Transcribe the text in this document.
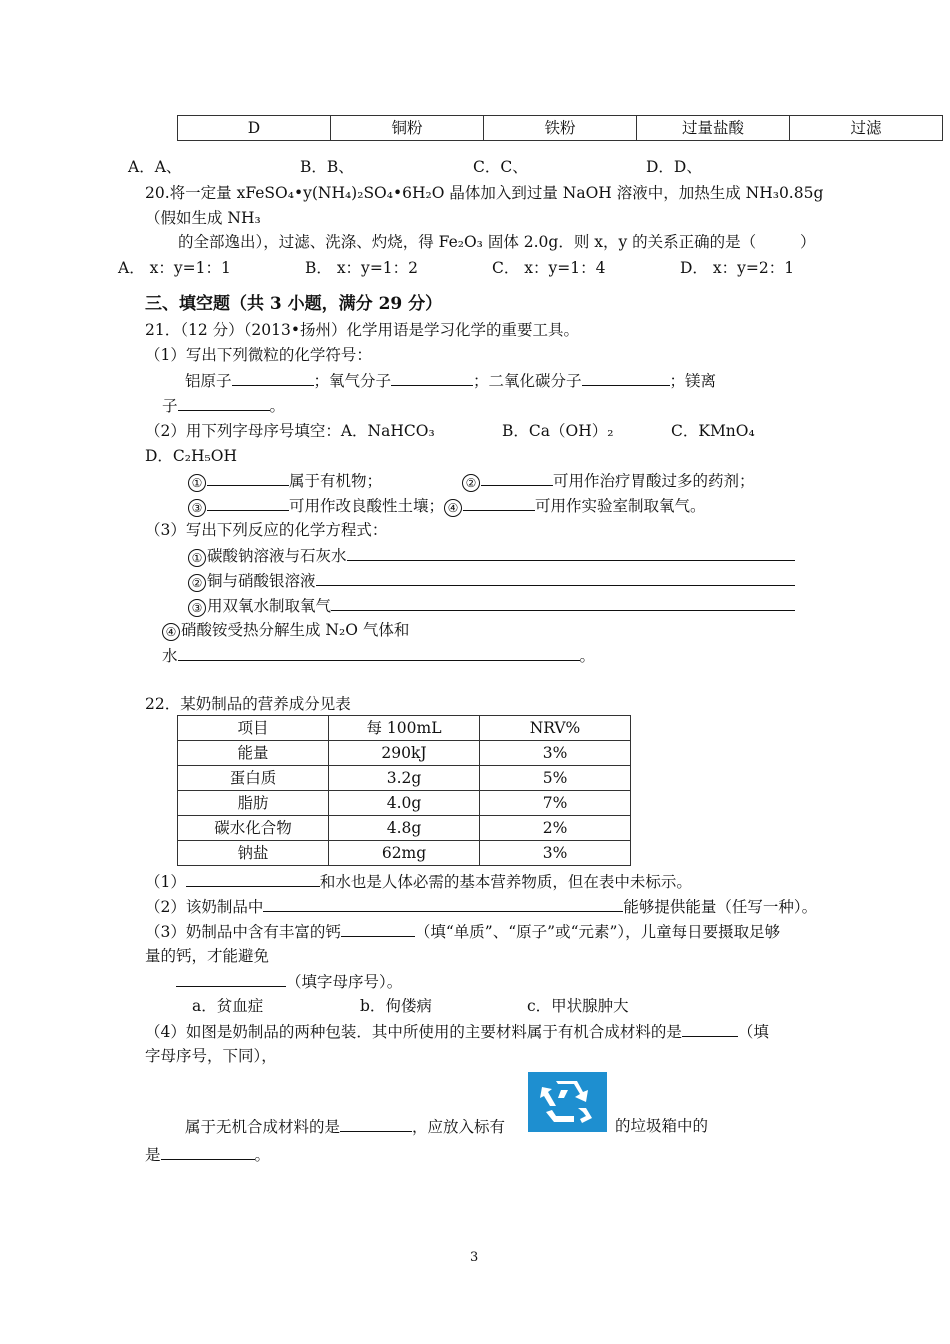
D	铜粉	铁粉	过量盐酸	过滤
A．A、	B．B、	C．C、	D．D、
20.将一定量 xFeSO₄•y(NH₄)₂SO₄•6H₂O 晶体加入到过量 NaOH 溶液中，加热生成 NH₃0.85g
（假如生成 NH₃
的全部逸出），过滤、洗涤、灼烧，得 Fe₂O₃ 固体 2.0g．则 x，y 的关系正确的是（	）
A． x：y=1：1	B． x：y=1：2	C． x：y=1：4	D． x：y=2：1
三、填空题（共 3 小题，满分 29 分）
21．（12 分）（2013•扬州）化学用语是学习化学的重要工具。
（1）写出下列微粒的化学符号：
铝原子	；氧气分子	；二氧化碳分子	；镁离
子	。
（2）用下列字母序号填空：A．NaHCO₃	B．Ca（OH）₂	C．KMnO₄
D．C₂H₅OH
①	属于有机物；	②	可用作治疗胃酸过多的药剂；
③	可用作改良酸性土壤； ④	可用作实验室制取氧气。
（3）写出下列反应的化学方程式：
① 碳酸钠溶液与石灰水
② 铜与硝酸银溶液
③ 用双氧水制取氧气
④ 硝酸铵受热分解生成 N₂O 气体和
水	。
22．某奶制品的营养成分见表
项目	每 100mL	NRV%
能量	290kJ	3%
蛋白质	3.2g	5%
脂肪	4.0g	7%
碳水化合物	4.8g	2%
钠盐	62mg	3%
（1）	和水也是人体必需的基本营养物质，但在表中未标示。
（2）该奶制品中	能够提供能量（任写一种）。
（3）奶制品中含有丰富的钙	（填“单质”、“原子”或“元素”），儿童每日要摄取足够
量的钙，才能避免
（填字母序号）。
a．贫血症	b．佝偻病	c．甲状腺肿大
（4）如图是奶制品的两种包装．其中所使用的主要材料属于有机合成材料的是	（填
字母序号，下同），
属于无机合成材料的是	，应放入标有	的垃圾箱中的
是	。
3
